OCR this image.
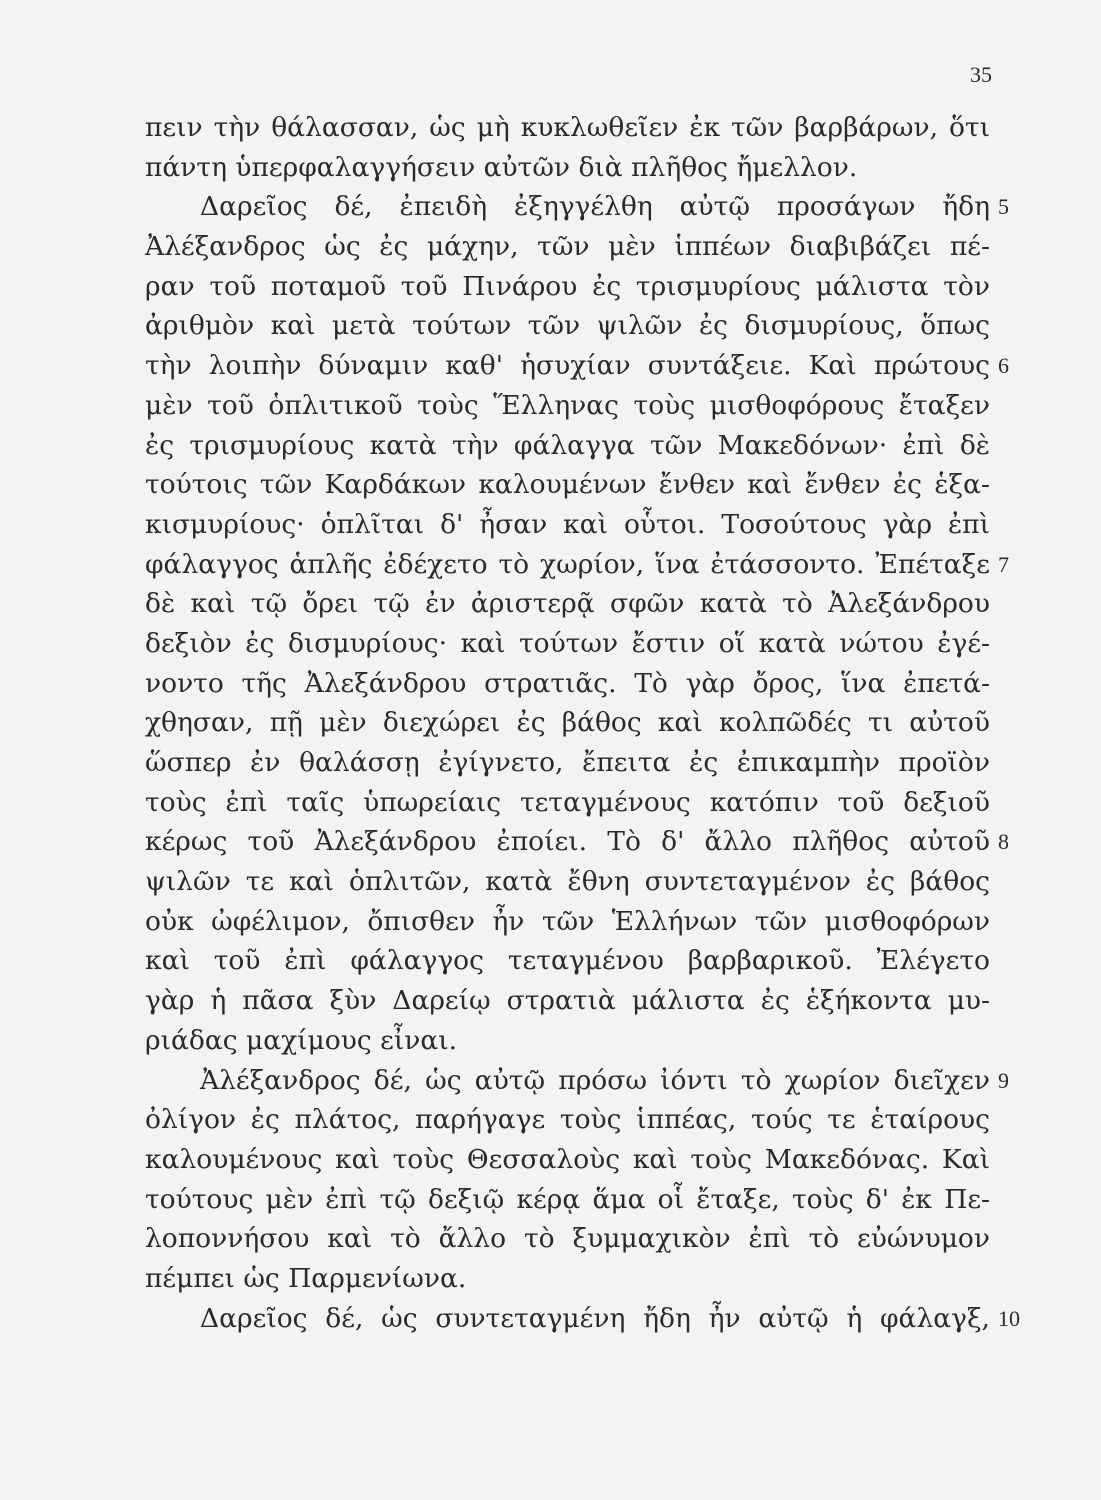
35
πειν τὴν θάλασσαν, ὡς μὴ κυκλωθεῖεν ἐκ τῶν βαρβάρων, ὅτι
πάντη ὑπερφαλαγγήσειν αὐτῶν διὰ πλῆθος ἤμελλον.
Δαρεῖος δέ, ἐπειδὴ ἐξηγγέλθη αὐτῷ προσάγων ἤδη 5
Ἀλέξανδρος ὡς ἐς μάχην, τῶν μὲν ἱππέων διαβιβάζει πέ-
ραν τοῦ ποταμοῦ τοῦ Πινάρου ἐς τρισμυρίους μάλιστα τὸν
ἀριθμὸν καὶ μετὰ τούτων τῶν ψιλῶν ἐς δισμυρίους, ὅπως
τὴν λοιπὴν δύναμιν καθ' ἡσυχίαν συντάξειε. Καὶ πρώτους 6
μὲν τοῦ ὁπλιτικοῦ τοὺς Ἕλληνας τοὺς μισθοφόρους ἔταξεν
ἐς τρισμυρίους κατὰ τὴν φάλαγγα τῶν Μακεδόνων· ἐπὶ δὲ
τούτοις τῶν Καρδάκων καλουμένων ἔνθεν καὶ ἔνθεν ἐς ἑξα-
κισμυρίους· ὁπλῖται δ' ἦσαν καὶ οὗτοι. Τοσούτους γὰρ ἐπὶ
φάλαγγος ἁπλῆς ἐδέχετο τὸ χωρίον, ἵνα ἐτάσσοντο. Ἐπέταξε 7
δὲ καὶ τῷ ὄρει τῷ ἐν ἀριστερᾷ σφῶν κατὰ τὸ Ἀλεξάνδρου
δεξιὸν ἐς δισμυρίους· καὶ τούτων ἔστιν οἵ κατὰ νώτου ἐγέ-
νοντο τῆς Ἀλεξάνδρου στρατιᾶς. Τὸ γὰρ ὄρος, ἵνα ἐπετά-
χθησαν, πῇ μὲν διεχώρει ἐς βάθος καὶ κολπῶδές τι αὐτοῦ
ὥσπερ ἐν θαλάσσῃ ἐγίγνετο, ἔπειτα ἐς ἐπικαμπὴν προϊὸν
τοὺς ἐπὶ ταῖς ὑπωρείαις τεταγμένους κατόπιν τοῦ δεξιοῦ
κέρως τοῦ Ἀλεξάνδρου ἐποίει. Τὸ δ' ἄλλο πλῆθος αὐτοῦ 8
ψιλῶν τε καὶ ὁπλιτῶν, κατὰ ἔθνη συντεταγμένον ἐς βάθος
οὐκ ὠφέλιμον, ὄπισθεν ἦν τῶν Ἑλλήνων τῶν μισθοφόρων
καὶ τοῦ ἐπὶ φάλαγγος τεταγμένου βαρβαρικοῦ. Ἐλέγετο
γὰρ ἡ πᾶσα ξὺν Δαρείῳ στρατιὰ μάλιστα ἐς ἑξήκοντα μυ-
ριάδας μαχίμους εἶναι.
Ἀλέξανδρος δέ, ὡς αὐτῷ πρόσω ἰόντι τὸ χωρίον διεῖχεν 9
ὀλίγον ἐς πλάτος, παρήγαγε τοὺς ἱππέας, τούς τε ἑταίρους
καλουμένους καὶ τοὺς Θεσσαλοὺς καὶ τοὺς Μακεδόνας. Καὶ
τούτους μὲν ἐπὶ τῷ δεξιῷ κέρᾳ ἅμα οἷ ἔταξε, τοὺς δ' ἐκ Πε-
λοποννήσου καὶ τὸ ἄλλο τὸ ξυμμαχικὸν ἐπὶ τὸ εὐώνυμον
πέμπει ὡς Παρμενίωνα.
Δαρεῖος δέ, ὡς συντεταγμένη ἤδη ἦν αὐτῷ ἡ φάλαγξ, 10
